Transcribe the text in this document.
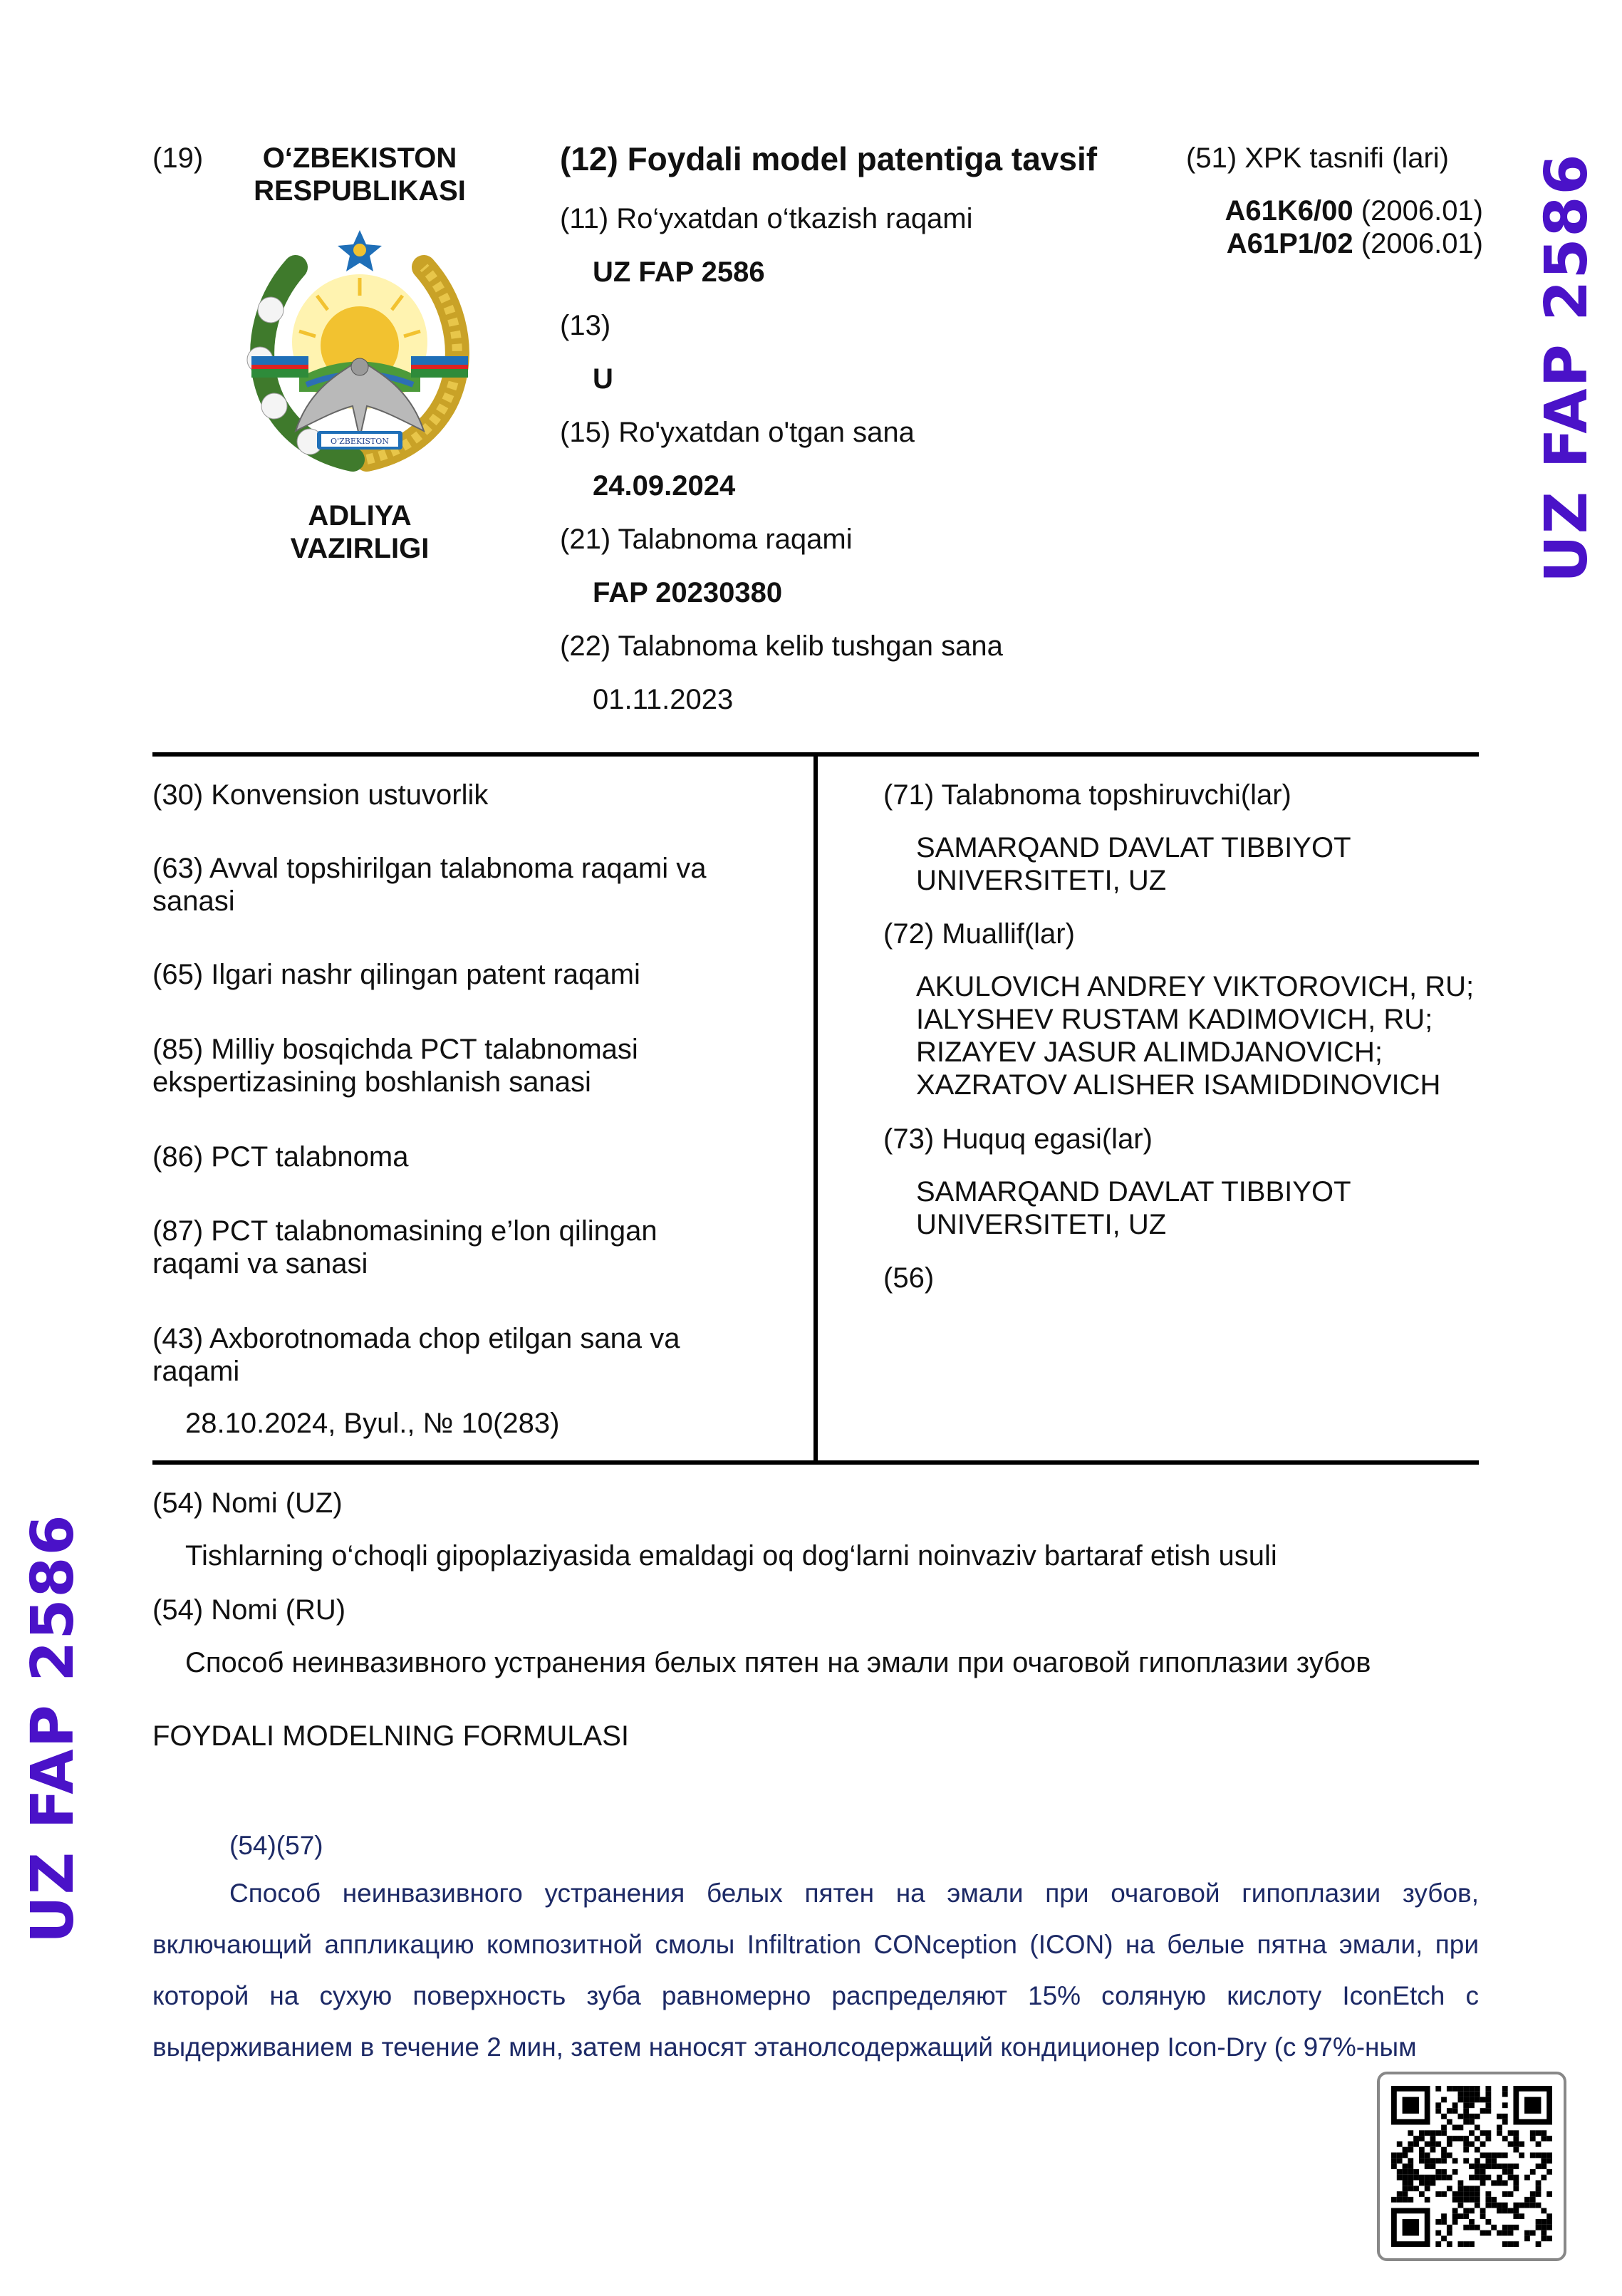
(19)	O‘ZBEKISTON
RESPUBLIKASI
O'ZBEKISTON
ADLIYA
VAZIRLIGI
(12) Foydali model patentiga tavsif
(11) Ro‘yxatdan o‘tkazish raqami
UZ FAP 2586
(13)
U
(15) Ro'yxatdan o'tgan sana
24.09.2024
(21) Talabnoma raqami
FAP 20230380
(22) Talabnoma kelib tushgan sana
01.11.2023
(51) XPK tasnifi (lari)
A61K6/00 (2006.01)
A61P1/02 (2006.01) UZ FAP 2586
UZ FAP 2586
(30) Konvension ustuvorlik
(63) Avval topshirilgan talabnoma raqami va sanasi
(65) Ilgari nashr qilingan patent raqami
(85) Milliy bosqichda PCT talabnomasi ekspertizasining boshlanish sanasi
(86) PCT talabnoma
(87) PCT talabnomasining e’lon qilingan raqami va sanasi
(43) Axborotnomada chop etilgan sana va raqami
28.10.2024, Byul., № 10(283)
(71) Talabnoma topshiruvchi(lar)
SAMARQAND DAVLAT TIBBIYOT UNIVERSITETI, UZ
(72) Muallif(lar)
AKULOVICH ANDREY VIKTOROVICH, RU; IALYSHEV RUSTAM KADIMOVICH, RU; RIZAYEV JASUR ALIMDJANOVICH; XAZRATOV ALISHER ISAMIDDINOVICH
(73) Huquq egasi(lar)
SAMARQAND DAVLAT TIBBIYOT UNIVERSITETI, UZ
(56)
(54) Nomi (UZ)
Tishlarning o‘choqli gipoplaziyasida emaldagi oq dog‘larni noinvaziv bartaraf etish usuli
(54) Nomi (RU)
Способ неинвазивного устранения белых пятен на эмали при очаговой гипоплазии зубов
FOYDALI MODELNING FORMULASI
(54)(57)
Способ неинвазивного устранения белых пятен на эмали при очаговой гипоплазии зубов, включающий аппликацию композитной смолы Infiltration CONception (ICON) на белые пятна эмали, при которой на сухую поверхность зуба равномерно распределяют 15% соляную кислоту IconEtch с выдерживанием в течение 2 мин, затем наносят этанолсодержащий кондиционер Icon-Dry (с 97%-ным
